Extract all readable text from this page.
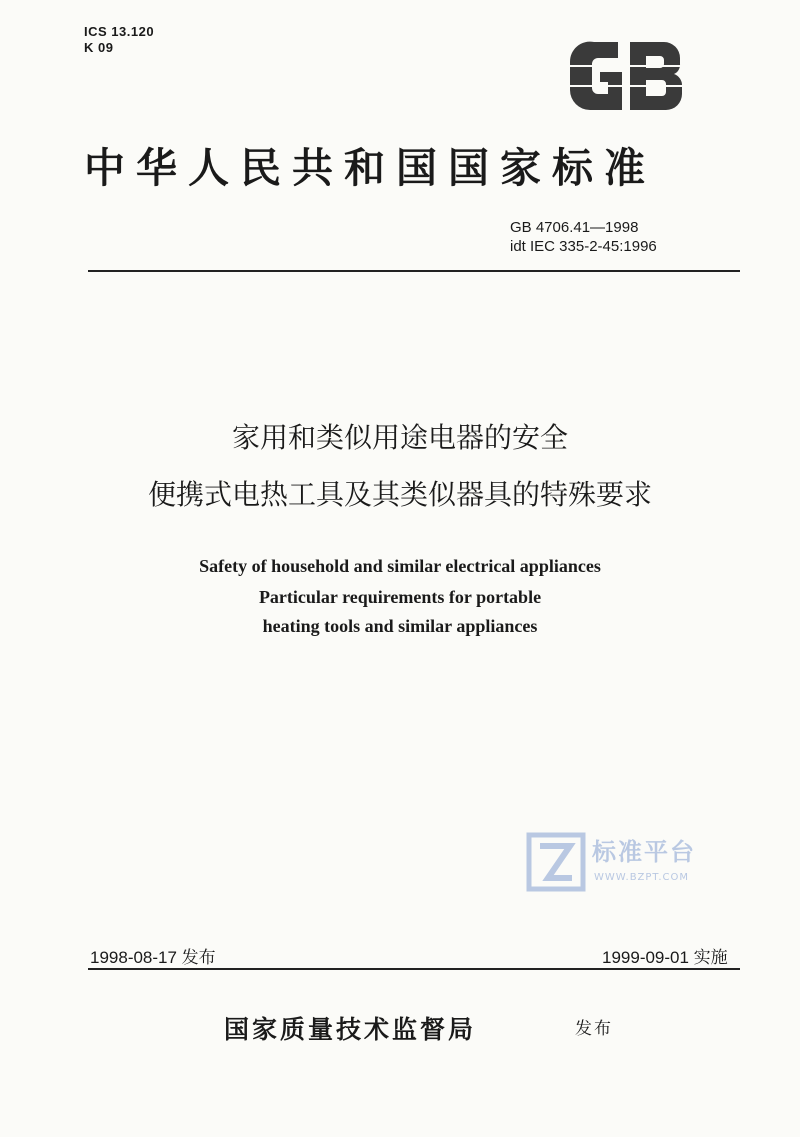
ICS 13.120
K 09
中华人民共和国国家标准
GB 4706.41—1998
idt IEC 335-2-45:1996
家用和类似用途电器的安全
便携式电热工具及其类似器具的特殊要求
Safety of household and similar electrical appliances
Particular requirements for portable
heating tools and similar appliances
标准平台
WWW.BZPT.COM
1998-08-17 发布	1999-09-01 实施
国家质量技术监督局	发布
